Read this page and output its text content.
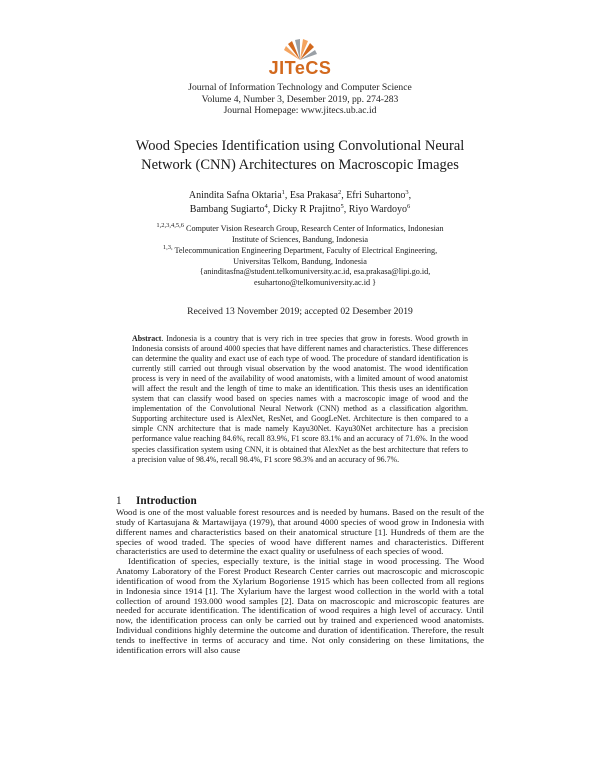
JITeCS
Journal of Information Technology and Computer Science
Volume 4, Number 3, Desember 2019, pp. 274-283
Journal Homepage: www.jitecs.ub.ac.id
Wood Species Identification using Convolutional Neural
Network (CNN) Architectures on Macroscopic Images
Anindita Safna Oktaria$^1$, Esa Prakasa$^2$, Efri Suhartono$^3$,
Bambang Sugiarto$^4$, Dicky R Prajitno$^5$, Riyo Wardoyo$^6$
$^{1,2,3,4,5,6}$ Computer Vision Research Group, Research Center of Informatics, Indonesian Institute of Sciences, Bandung, Indonesia
$^{1,3,}$ Telecommunication Engineering Department, Faculty of Electrical Engineering, Universitas Telkom, Bandung, Indonesia
{aninditasfna@student.telkomuniversity.ac.id, esa.prakasa@lipi.go.id,
esuhartono@telkomuniversity.ac.id }
Received 13 November 2019; accepted 02 Desember 2019
Abstract. Indonesia is a country that is very rich in tree species that grow in forests. Wood growth in Indonesia consists of around 4000 species that have different names and characteristics. These differences can determine the quality and exact use of each type of wood. The procedure of standard identification is currently still carried out through visual observation by the wood anatomist. The wood identification process is very in need of the availability of wood anatomists, with a limited amount of wood anatomist will affect the result and the length of time to make an identification. This thesis uses an identification system that can classify wood based on species names with a macroscopic image of wood and the implementation of the Convolutional Neural Network (CNN) method as a classification algorithm. Supporting architecture used is AlexNet, ResNet, and GoogLeNet. Architecture is then compared to a simple CNN architecture that is made namely Kayu30Net. Kayu30Net architecture has a precision performance value reaching 84.6%, recall 83.9%, F1 score 83.1% and an accuracy of 71.6%. In the wood species classification system using CNN, it is obtained that AlexNet as the best architecture that refers to a precision value of 98.4%, recall 98.4%, F1 score 98.3% and an accuracy of 96.7%.
1 Introduction

Wood is one of the most valuable forest resources and is needed by humans. Based on the result of the study of Kartasujana & Martawijaya (1979), that around 4000 species of wood grow in Indonesia with different names and characteristics based on their anatomical structure [1]. Hundreds of them are the species of wood traded. The species of wood have different names and characteristics. Different characteristics are used to determine the exact quality or usefulness of each species of wood.

Identification of species, especially texture, is the initial stage in wood processing. The Wood Anatomy Laboratory of the Forest Product Research Center carries out macroscopic and microscopic identification of wood from the Xylarium Bogoriense 1915 which has been collected from all regions in Indonesia since 1914 [1]. The Xylarium have the largest wood collection in the world with a total collection of around 193.000 wood samples [2]. Data on macroscopic and microscopic features are needed for accurate identification. The identification of wood requires a high level of accuracy. Until now, the identification process can only be carried out by trained and experienced wood anatomists. Individual conditions highly determine the outcome and duration of identification. Therefore, the result tends to ineffective in terms of accuracy and time. Not only considering on these limitations, the identification errors will also cause
